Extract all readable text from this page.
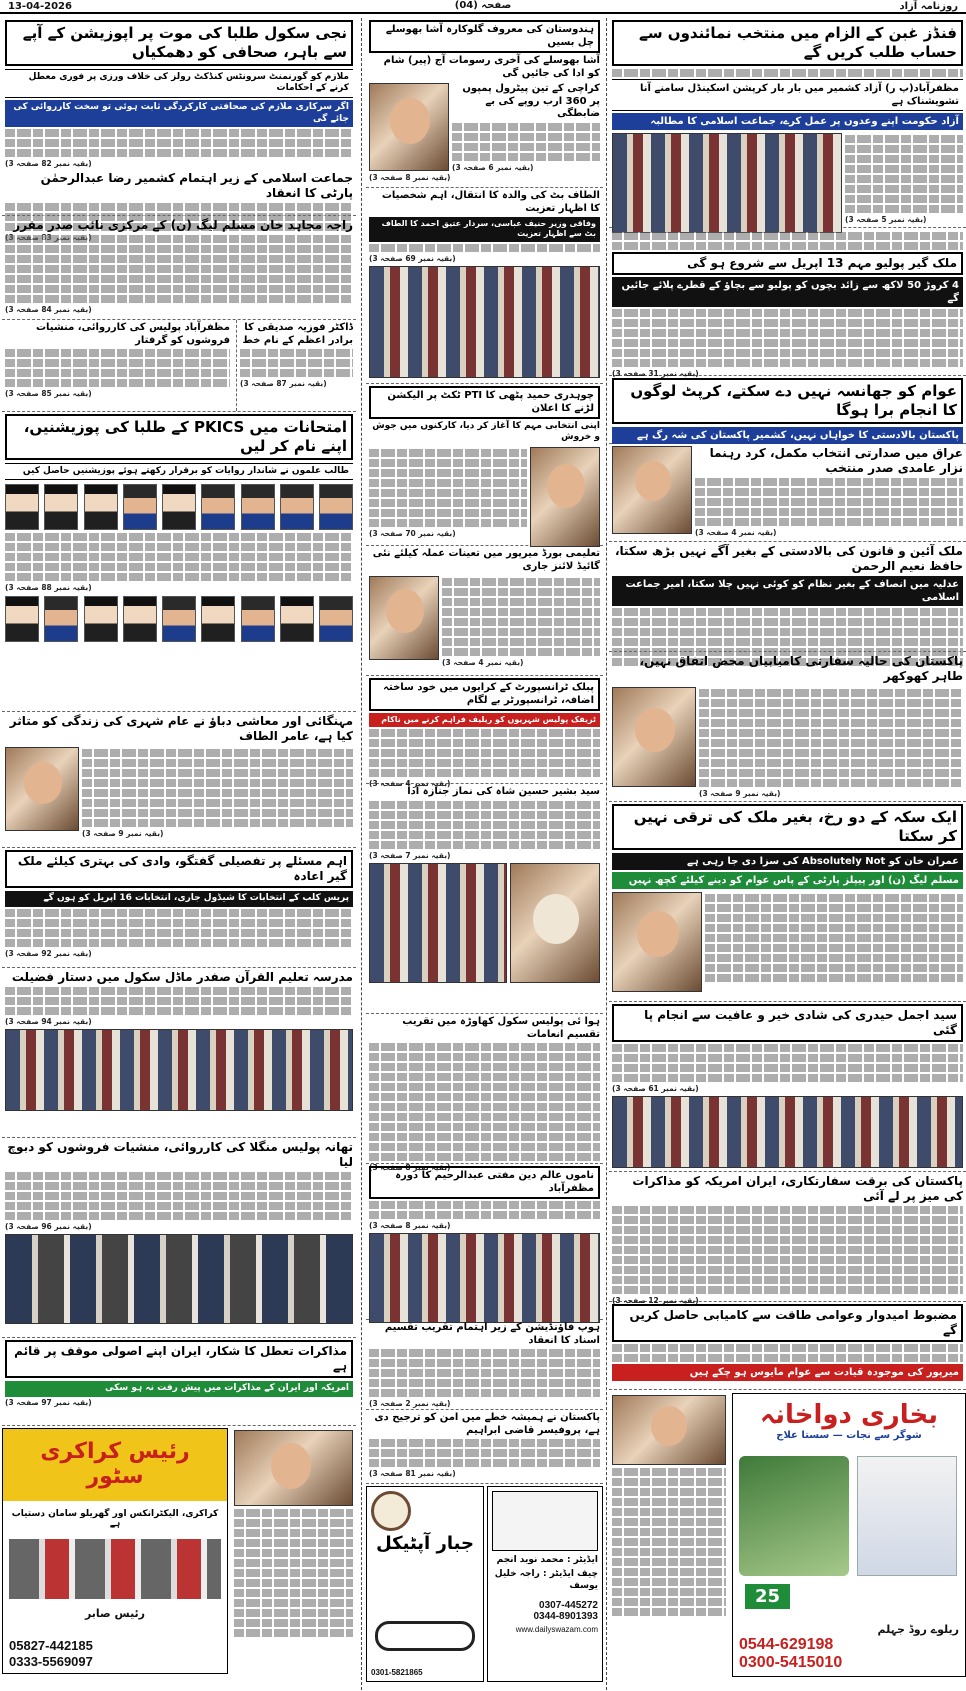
13-04-2026	صفحہ (04)	روزنامہ آزاد
فنڈز غبن کے الزام میں منتخب نمائندوں سے حساب طلب کریں گے
مظفرآباد(پ ر) آزاد کشمیر میں بار بار کرپشن اسکینڈل سامنے آنا تشویشناک ہے
آزاد حکومت اپنے وعدوں پر عمل کرے، جماعت اسلامی کا مطالبہ
(بقیہ نمبر 5 صفحہ 3)
ملک گیر پولیو مہم 13 اپریل سے شروع ہو گی
4 کروڑ 50 لاکھ سے زائد بچوں کو پولیو سے بچاؤ کے قطرے پلائے جائیں گے
(بقیہ نمبر 31 صفحہ 3)
عوام کو جھانسہ نہیں دے سکتے، کرپٹ لوگوں کا انجام برا ہوگا
پاکستان بالادستی کا خواہاں نہیں، کشمیر پاکستان کی شہ رگ ہے
عراق میں صدارتی انتخاب مکمل، کرد رہنما نزار عامدی صدر منتخب
(بقیہ نمبر 4 صفحہ 3)
ملک آئین و قانون کی بالادستی کے بغیر آگے نہیں بڑھ سکتا، حافظ نعیم الرحمن
عدلیہ میں انصاف کے بغیر نظام کو کوئی نہیں چلا سکتا، امیر جماعت اسلامی
پاکستان کی حالیہ سفارتی کامیابیاں محض اتفاق نہیں، طاہر کھوکھر
(بقیہ نمبر 9 صفحہ 3)
ایک سکہ کے دو رخ، بغیر ملک کی ترقی نہیں کر سکتا
عمران خان کو Absolutely Not کی سزا دی جا رہی ہے
مسلم لیگ (ن) اور پیپلز پارٹی کے پاس عوام کو دینے کیلئے کچھ نہیں
سید اجمل حیدری کی شادی خیر و عافیت سے انجام پا گئی
(بقیہ نمبر 61 صفحہ 3)
پاکستان کی برقت سفارتکاری، ایران امریکہ کو مذاکرات کی میز پر لے آئی
(بقیہ نمبر 12 صفحہ 3)
مضبوط امیدوار وعوامی طاقت سے کامیابی حاصل کریں گے
میرپور کی موجودہ قیادت سے عوام مایوس ہو چکے ہیں
بخاری دواخانہ
شوگر سے نجات — سستا علاج
25
ریلوے روڈ جہلم
0544-629198
0300-5415010
ہندوستان کی معروف گلوکارہ آشا بھوسلے چل بسیں
آشا بھوسلے کی آخری رسومات آج (پیر) شام کو ادا کی جائیں گی
کراچی کے تین پیٹرول پمپوں پر 360 ارب روپے کی بے ضابطگی
(بقیہ نمبر 6 صفحہ 3)
(بقیہ نمبر 8 صفحہ 3)
الطاف بٹ کی والدہ کا انتقال، اہم شخصیات کا اظہار تعزیت
وفاقی وزیر حنیف عباسی، سردار عتیق احمد کا الطاف بٹ سے اظہار تعزیت
(بقیہ نمبر 69 صفحہ 3)
چوہدری حمید پٹھی کا PTI ٹکٹ پر الیکشن لڑنے کا اعلان
اپنی انتخابی مہم کا آغاز کر دیا، کارکنوں میں جوش و خروش
(بقیہ نمبر 70 صفحہ 3)
تعلیمی بورڈ میرپور میں تعینات عملہ کیلئے نئی گائیڈ لائنز جاری
(بقیہ نمبر 4 صفحہ 3)
پبلک ٹرانسپورٹ کے کرایوں میں خود ساختہ اضافہ، ٹرانسپورٹر بے لگام
ٹریفک پولیس شہریوں کو ریلیف فراہم کرنے میں ناکام
(بقیہ نمبر 4 صفحہ 3)
سید بشیر حسین شاہ کی نماز جنازہ ادا
(بقیہ نمبر 7 صفحہ 3)
ہوا ئی پولیس سکول کھاوڑہ میں تقریب تقسیم انعامات
(بقیہ نمبر 8 صفحہ 3)
ناموں عالم دین مفتی عبدالرحیم کا دورہ مظفرآباد
(بقیہ نمبر 8 صفحہ 3)
ہوپ فاؤنڈیشن کے زیر اہتمام تقریب تقسیم اسناد کا انعقاد
(بقیہ نمبر 2 صفحہ 3)
پاکستان نے ہمیشہ خطے میں امن کو ترجیح دی ہے، پروفیسر قاضی ابراہیم
(بقیہ نمبر 81 صفحہ 3)
جبار آپٹیکل
0301-5821865
ایڈیٹر : محمد نوید انجم
چیف ایڈیٹر : راجہ خلیل یوسف
0307-445272
0344-8901393
www.dailyswazam.com
نجی سکول طلبا کی موت پر اپوزیشن کے آپے سے باہر، صحافی کو دھمکیاں
ملازم کو گورنمنٹ سرونٹس کنڈکٹ رولز کی خلاف ورزی پر فوری معطل کرنے کے احکامات
اگر سرکاری ملازم کی صحافتی کارکردگی ثابت ہوئی تو سخت کارروائی کی جائے گی
(بقیہ نمبر 82 صفحہ 3)
جماعت اسلامی کے زیر اہتمام کشمیر رضا عبدالرحمٰن پارٹی کا انعقاد
راجہ مجاہد خان مسلم لیگ (ن) کے مرکزی نائب صدر مقرر
(بقیہ نمبر 84 صفحہ 3)
مظفرآباد پولیس کی کارروائی، منشیات فروشوں کو گرفتار
(بقیہ نمبر 85 صفحہ 3)
ڈاکٹر فوزیہ صدیقی کا برادر اعظم کے نام خط
(بقیہ نمبر 87 صفحہ 3)
امتحانات میں PKICS کے طلبا کی پوزیشنیں، اپنے نام کر لیں
طالب علموں نے شاندار روایات کو برقرار رکھتے ہوئے پوزیشنیں حاصل کیں
(بقیہ نمبر 88 صفحہ 3)
مہنگائی اور معاشی دباؤ نے عام شہری کی زندگی کو متاثر کیا ہے، عامر الطاف
(بقیہ نمبر 9 صفحہ 3)
اہم مسئلے پر تفصیلی گفتگو، وادی کی بہتری کیلئے ملک گیر اعادہ
پریس کلب کے انتخابات کا شیڈول جاری، انتخابات 16 اپریل کو ہوں گے
(بقیہ نمبر 92 صفحہ 3)
مدرسہ تعلیم القرآن صفدر ماڈل سکول میں دستار فضیلت
(بقیہ نمبر 94 صفحہ 3)
تھانہ پولیس منگلا کی کارروائی، منشیات فروشوں کو دبوچ لیا
(بقیہ نمبر 96 صفحہ 3)
مذاکرات تعطل کا شکار، ایران اپنے اصولی موقف پر قائم ہے
امریکہ اور ایران کے مذاکرات میں پیش رفت نہ ہو سکی
(بقیہ نمبر 97 صفحہ 3)
رئیس کراکری سٹور
کراکری، الیکٹرانکس اور گھریلو سامان دستیاب ہے
رئیس صابر
05827-442185
0333-5569097
